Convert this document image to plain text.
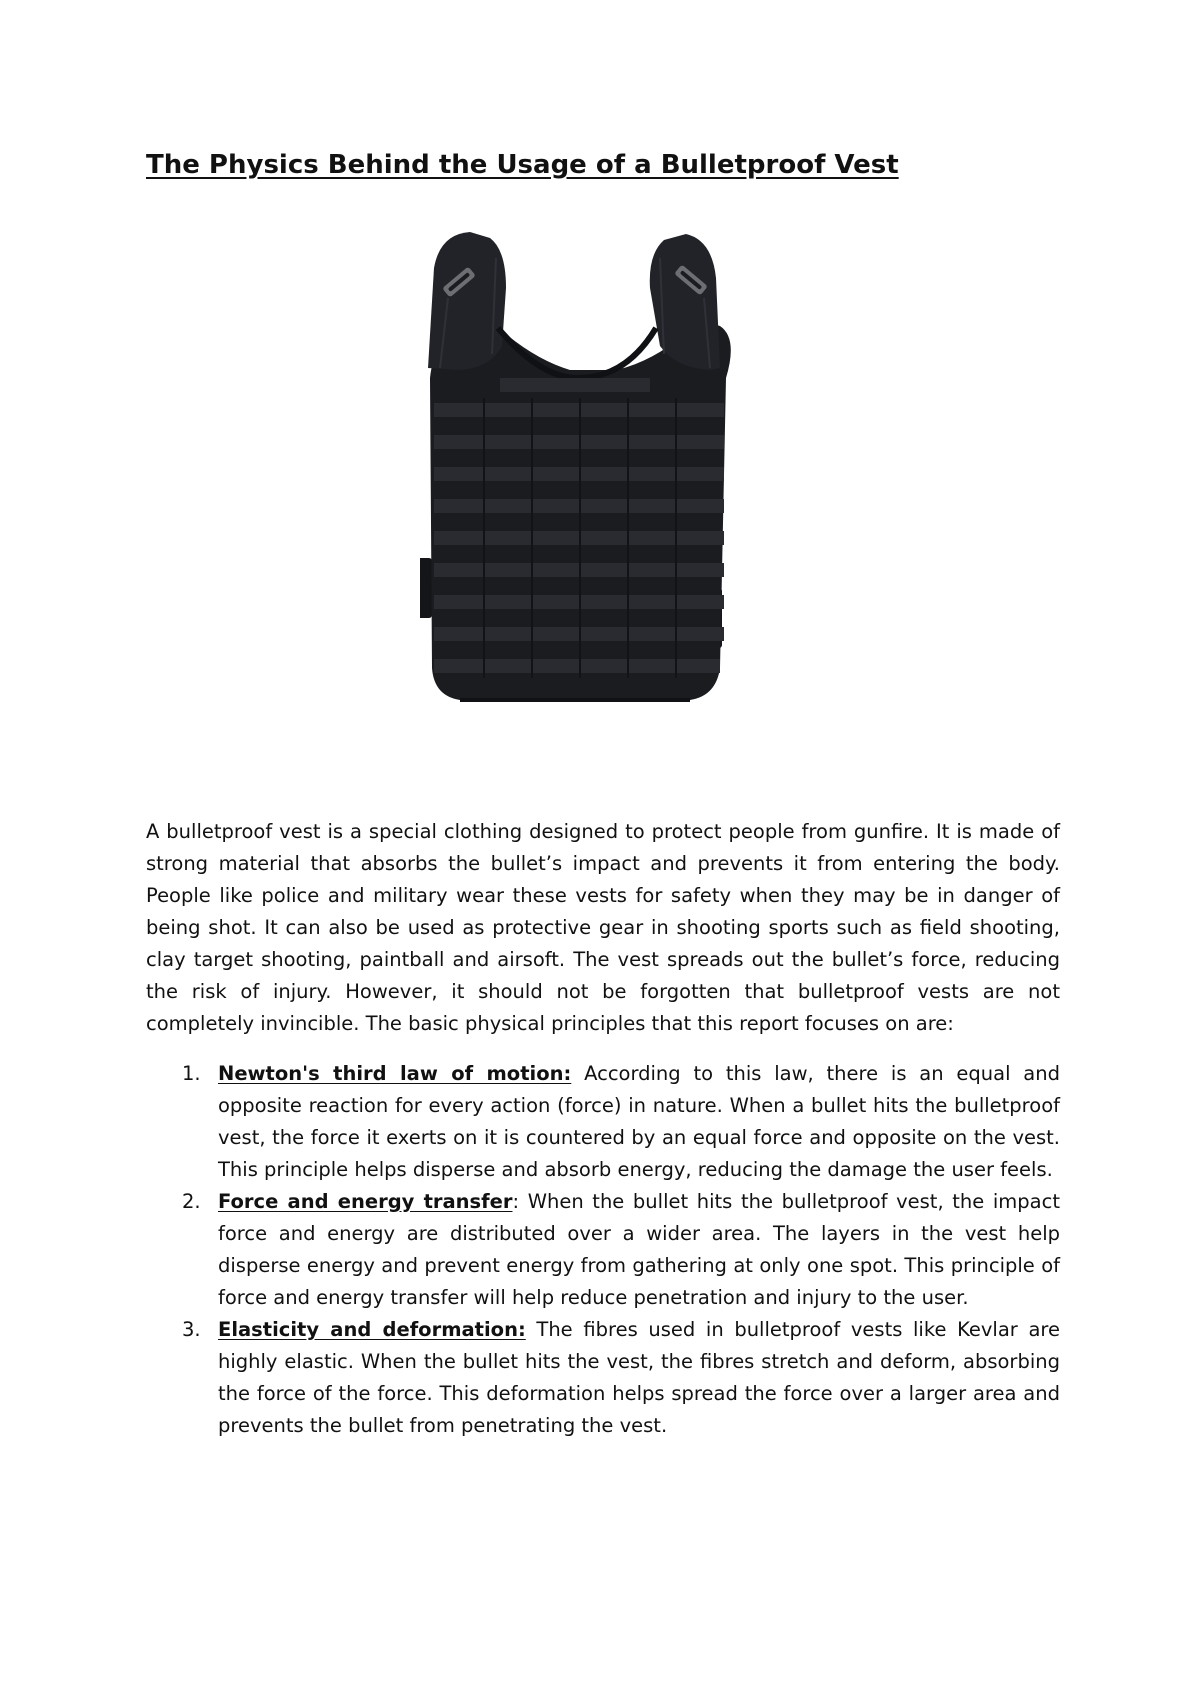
The Physics Behind the Usage of a Bulletproof Vest

A bulletproof vest is a special clothing designed to protect people from gunfire. It is made of strong material that absorbs the bullet’s impact and prevents it from entering the body. People like police and military wear these vests for safety when they may be in danger of being shot. It can also be used as protective gear in shooting sports such as field shooting, clay target shooting, paintball and airsoft. The vest spreads out the bullet’s force, reducing the risk of injury. However, it should not be forgotten that bulletproof vests are not completely invincible. The basic physical principles that this report focuses on are:

1. Newton's third law of motion: According to this law, there is an equal and opposite reaction for every action (force) in nature. When a bullet hits the bulletproof vest, the force it exerts on it is countered by an equal force and opposite on the vest. This principle helps disperse and absorb energy, reducing the damage the user feels.
2. Force and energy transfer: When the bullet hits the bulletproof vest, the impact force and energy are distributed over a wider area. The layers in the vest help disperse energy and prevent energy from gathering at only one spot. This principle of force and energy transfer will help reduce penetration and injury to the user.
3. Elasticity and deformation: The fibres used in bulletproof vests like Kevlar are highly elastic. When the bullet hits the vest, the fibres stretch and deform, absorbing the force of the force. This deformation helps spread the force over a larger area and prevents the bullet from penetrating the vest.
